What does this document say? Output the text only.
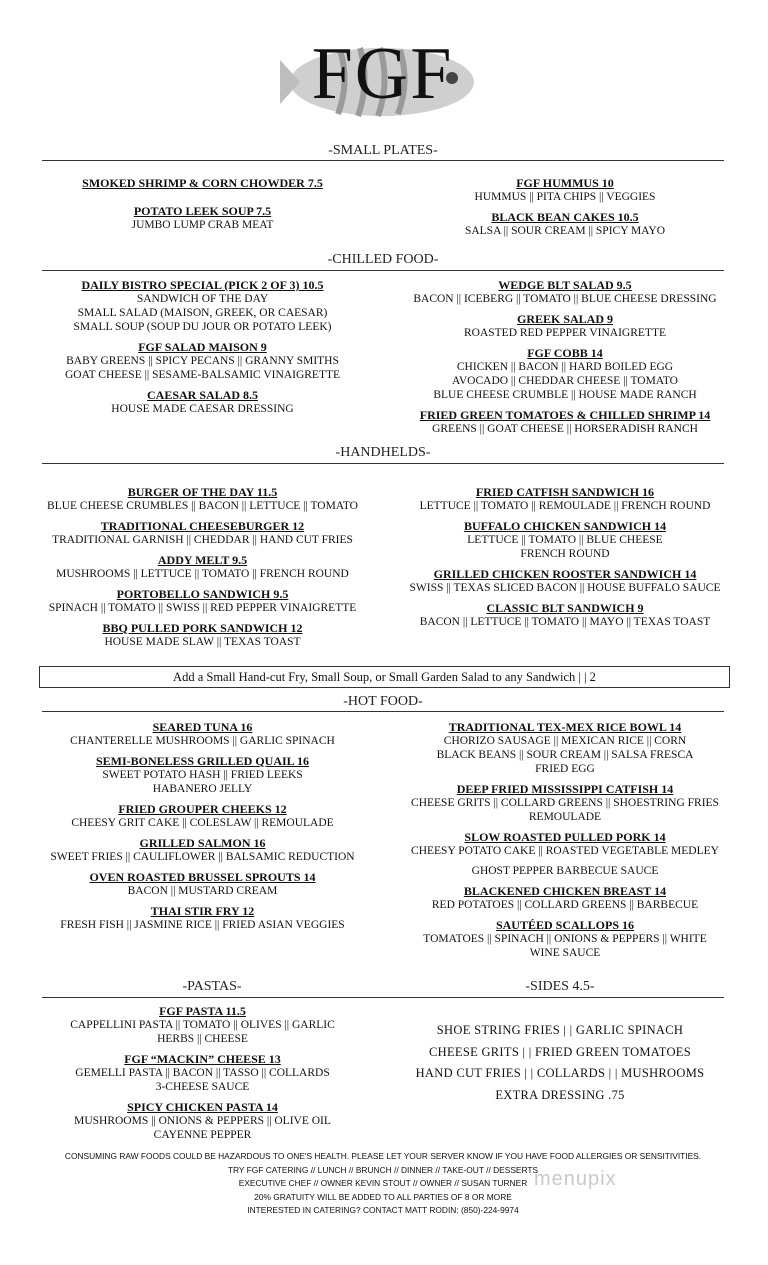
FGF
-SMALL PLATES-
SMOKED SHRIMP & CORN CHOWDER 7.5
POTATO LEEK SOUP 7.5
JUMBO LUMP CRAB MEAT
FGF HUMMUS 10
HUMMUS || PITA CHIPS || VEGGIES
BLACK BEAN CAKES 10.5
SALSA || SOUR CREAM || SPICY MAYO
-CHILLED FOOD-
DAILY BISTRO SPECIAL (PICK 2 OF 3) 10.5
SANDWICH OF THE DAY
SMALL SALAD (MAISON, GREEK, OR CAESAR)
SMALL SOUP (SOUP DU JOUR OR POTATO LEEK)
FGF SALAD MAISON 9
BABY GREENS || SPICY PECANS || GRANNY SMITHS
GOAT CHEESE || SESAME-BALSAMIC VINAIGRETTE
CAESAR SALAD 8.5
HOUSE MADE CAESAR DRESSING
WEDGE BLT SALAD 9.5
BACON || ICEBERG || TOMATO || BLUE CHEESE DRESSING
GREEK SALAD 9
ROASTED RED PEPPER VINAIGRETTE
FGF COBB 14
CHICKEN || BACON || HARD BOILED EGG
AVOCADO || CHEDDAR CHEESE || TOMATO
BLUE CHEESE CRUMBLE || HOUSE MADE RANCH
FRIED GREEN TOMATOES & CHILLED SHRIMP 14
GREENS || GOAT CHEESE || HORSERADISH RANCH
-HANDHELDS-
BURGER OF THE DAY 11.5
BLUE CHEESE CRUMBLES || BACON || LETTUCE || TOMATO
TRADITIONAL CHEESEBURGER 12
TRADITIONAL GARNISH || CHEDDAR || HAND CUT FRIES
ADDY MELT 9.5
MUSHROOMS || LETTUCE || TOMATO || FRENCH ROUND
PORTOBELLO SANDWICH 9.5
SPINACH || TOMATO || SWISS || RED PEPPER VINAIGRETTE
BBQ PULLED PORK SANDWICH 12
HOUSE MADE SLAW || TEXAS TOAST
FRIED CATFISH SANDWICH 16
LETTUCE || TOMATO || REMOULADE || FRENCH ROUND
BUFFALO CHICKEN SANDWICH 14
LETTUCE || TOMATO || BLUE CHEESE
FRENCH ROUND
GRILLED CHICKEN ROOSTER SANDWICH 14
SWISS || TEXAS SLICED BACON || HOUSE BUFFALO SAUCE
CLASSIC BLT SANDWICH 9
BACON || LETTUCE || TOMATO || MAYO || TEXAS TOAST
Add a Small Hand-cut Fry, Small Soup, or Small Garden Salad to any Sandwich | | 2
-HOT FOOD-
SEARED TUNA 16
CHANTERELLE MUSHROOMS || GARLIC SPINACH
SEMI-BONELESS GRILLED QUAIL 16
SWEET POTATO HASH || FRIED LEEKS
HABANERO JELLY
FRIED GROUPER CHEEKS 12
CHEESY GRIT CAKE || COLESLAW || REMOULADE
GRILLED SALMON 16
SWEET FRIES || CAULIFLOWER || BALSAMIC REDUCTION
OVEN ROASTED BRUSSEL SPROUTS 14
BACON || MUSTARD CREAM
THAI STIR FRY 12
FRESH FISH || JASMINE RICE || FRIED ASIAN VEGGIES
TRADITIONAL TEX-MEX RICE BOWL 14
CHORIZO SAUSAGE || MEXICAN RICE || CORN
BLACK BEANS || SOUR CREAM || SALSA FRESCA
FRIED EGG
DEEP FRIED MISSISSIPPI CATFISH 14
CHEESE GRITS || COLLARD GREENS || SHOESTRING FRIES
REMOULADE
SLOW ROASTED PULLED PORK 14
CHEESY POTATO CAKE || ROASTED VEGETABLE MEDLEY
GHOST PEPPER BARBECUE SAUCE
BLACKENED CHICKEN BREAST 14
RED POTATOES || COLLARD GREENS || BARBECUE
SAUTÉED SCALLOPS 16
TOMATOES || SPINACH || ONIONS & PEPPERS || WHITE
WINE SAUCE
-PASTAS-	-SIDES 4.5-
FGF PASTA 11.5
CAPPELLINI PASTA || TOMATO || OLIVES || GARLIC
HERBS || CHEESE
FGF “MACKIN” CHEESE 13
GEMELLI PASTA || BACON || TASSO || COLLARDS
3-CHEESE SAUCE
SPICY CHICKEN PASTA 14
MUSHROOMS || ONIONS & PEPPERS || OLIVE OIL
CAYENNE PEPPER
SHOE STRING FRIES | | GARLIC SPINACH
CHEESE GRITS | | FRIED GREEN TOMATOES
HAND CUT FRIES | | COLLARDS | | MUSHROOMS
EXTRA DRESSING .75
CONSUMING RAW FOODS COULD BE HAZARDOUS TO ONE'S HEALTH. PLEASE LET YOUR SERVER KNOW IF YOU HAVE FOOD ALLERGIES OR SENSITIVITIES.
TRY FGF CATERING // LUNCH // BRUNCH // DINNER // TAKE-OUT // DESSERTS
EXECUTIVE CHEF // OWNER KEVIN STOUT // OWNER // SUSAN TURNER
20% GRATUITY WILL BE ADDED TO ALL PARTIES OF 8 OR MORE
INTERESTED IN CATERING? CONTACT MATT RODIN: (850)-224-9974
menupix
